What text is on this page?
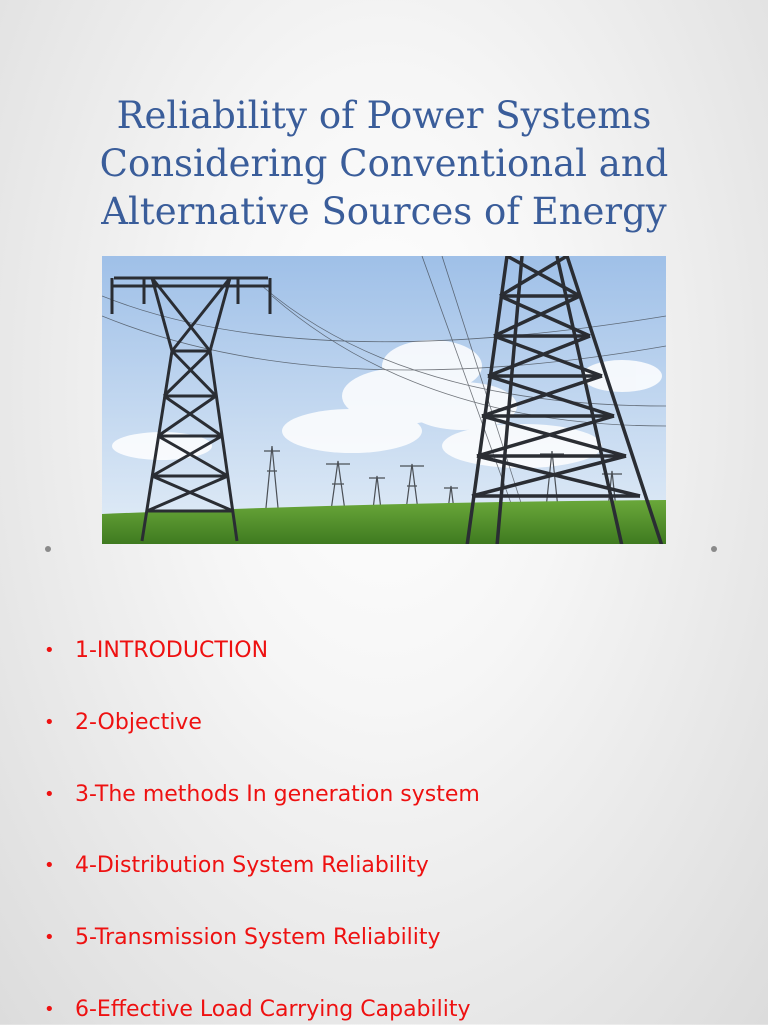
Reliability of Power Systems
Considering Conventional and
Alternative Sources of Energy
• 1-INTRODUCTION
• 2-Objective
• 3-The methods In generation system
• 4-Distribution System Reliability
• 5-Transmission System Reliability
• 6-Effective Load Carrying Capability
